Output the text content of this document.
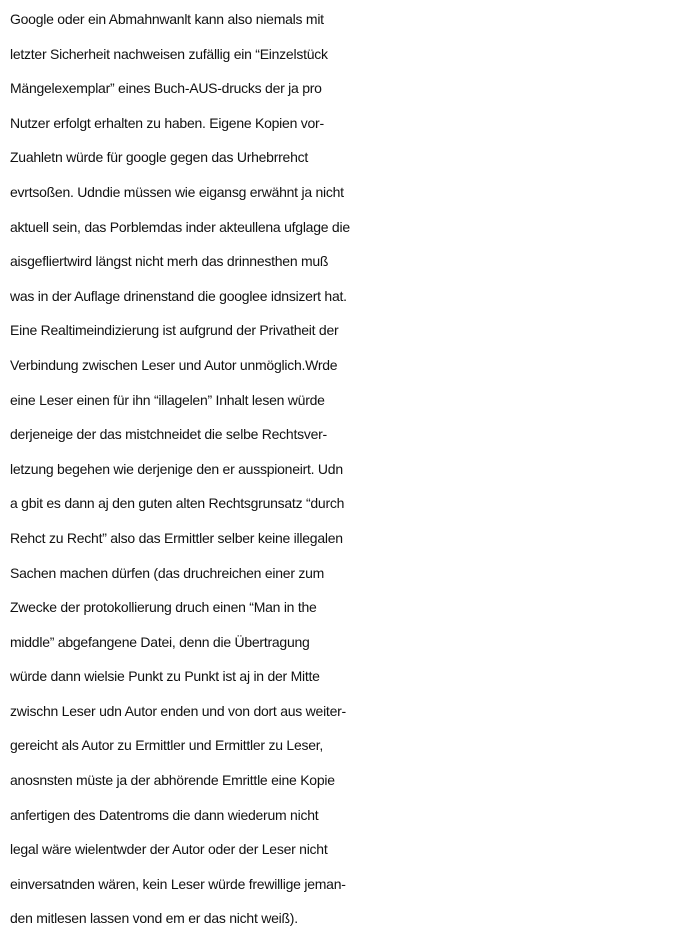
Google oder ein Abmahnwanlt kann also niemals mit
letzter Sicherheit nachweisen zufällig ein “Einzelstück
Mängelexemplar” eines Buch-AUS-drucks der ja pro
Nutzer erfolgt erhalten zu haben. Eigene Kopien vor-
Zuahletn würde für google gegen das Urhebrrehct
evrtsoßen. Udndie müssen wie eigansg erwähnt ja nicht
aktuell sein, das Porblemdas inder akteullena ufglage die
aisgefliertwird längst nicht merh das drinnesthen muß
was in der Auflage drinenstand die googlee idnsizert hat.
Eine Realtimeindizierung ist aufgrund der Privatheit der
Verbindung zwischen Leser und Autor unmöglich.Wrde
eine Leser einen für ihn “illagelen” Inhalt lesen würde
derjeneige der das mistchneidet die selbe Rechtsver-
letzung begehen wie derjenige den er ausspioneirt. Udn
a gbit es dann aj den guten alten Rechtsgrunsatz “durch
Rehct zu Recht” also das Ermittler selber keine illegalen
Sachen machen dürfen (das druchreichen einer zum
Zwecke der protokollierung druch einen “Man in the
middle” abgefangene Datei, denn die Übertragung
würde dann wielsie Punkt zu Punkt ist aj in der Mitte
zwischn Leser udn Autor enden und von dort aus weiter-
gereicht als Autor zu Ermittler und Ermittler zu Leser,
anosnsten müste ja der abhörende Emrittle eine Kopie
anfertigen des Datentroms die dann wiederum nicht
legal wäre wielentwder der Autor oder der Leser nicht
einversatnden wären, kein Leser würde frewillige jeman-
den mitlesen lassen vond em er das nicht weiß).
